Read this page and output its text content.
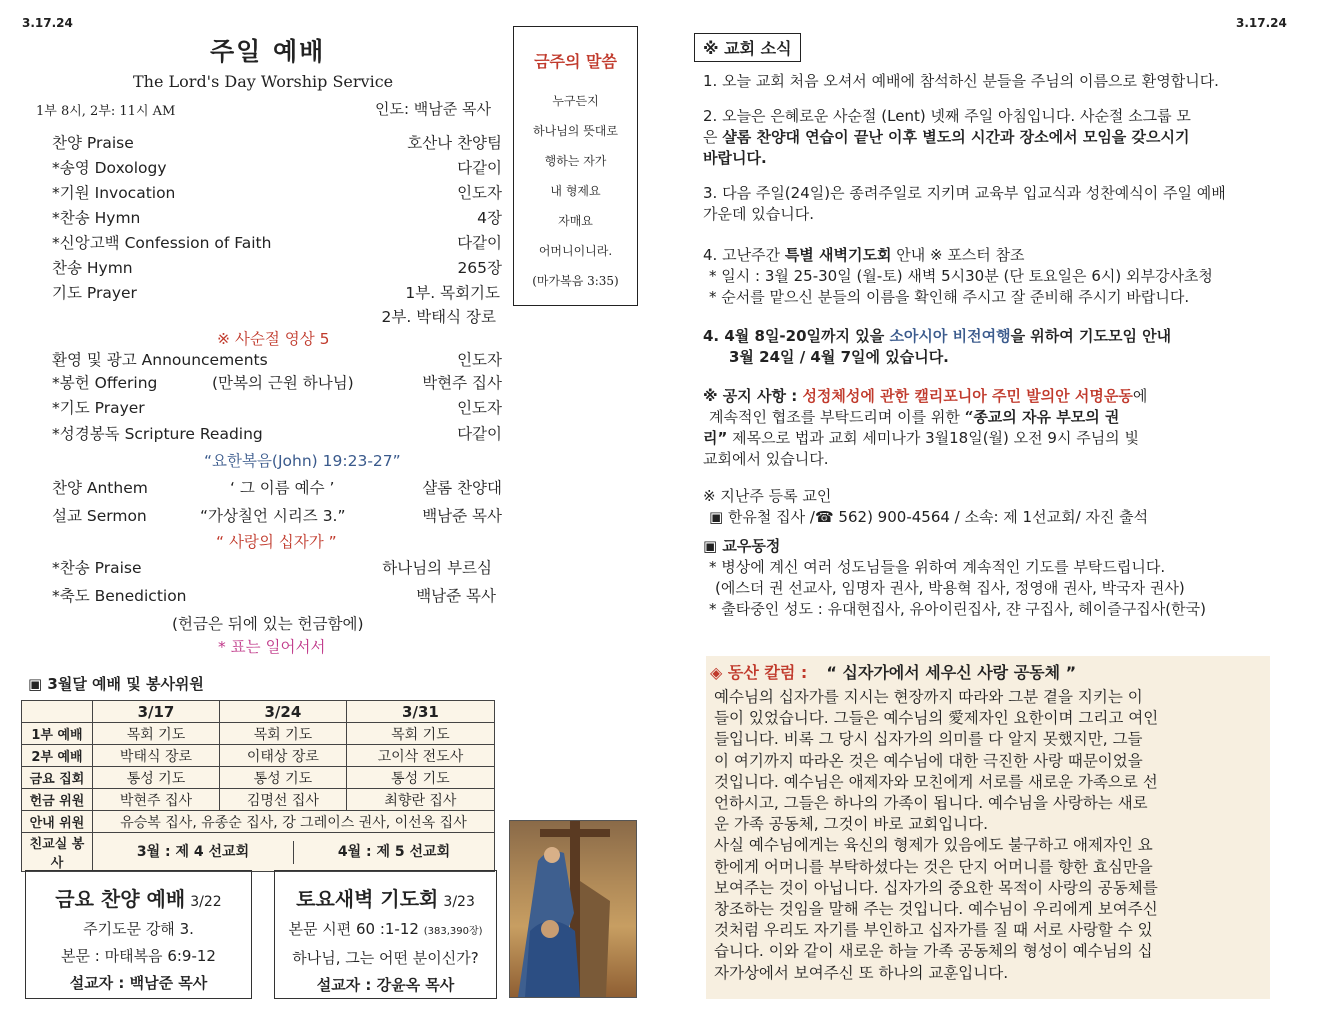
3.17.24
주일 예배
The Lord's Day Worship Service
1부 8시, 2부: 11시 AM	인도: 백남준 목사
찬양 Praise	호산나 찬양팀
*송영 Doxology	다같이
*기원 Invocation	인도자
*찬송 Hymn	4장
*신앙고백 Confession of Faith	다같이
찬송 Hymn	265장
기도 Prayer	1부. 목회기도
2부. 박태식 장로
※ 사순절 영상 5
환영 및 광고 Announcements	인도자
*봉헌 Offering	(만복의 근원 하나님)	박현주 집사
*기도 Prayer	인도자
*성경봉독 Scripture Reading	다같이
“요한복음(John) 19:23-27”
찬양 Anthem	‘ 그 이름 예수 ’	샬롬 찬양대
설교 Sermon	“가상칠언 시리즈 3.”	백남준 목사
“ 사랑의 십자가 ”
*찬송 Praise	하나님의 부르심
*축도 Benediction	백남준 목사
(헌금은 뒤에 있는 헌금함에)
* 표는 일어서서
금주의 말씀
누구든지
하나님의 뜻대로
행하는 자가
내 형제요
자매요
어머니이니라.
(마가복음 3:35)
▣ 3월달 예배 및 봉사위원
	3/17	3/24	3/31
1부 예배	목회 기도	목회 기도	목회 기도
2부 예배	박태식 장로	이태상 장로	고이삭 전도사
금요 집회	통성 기도	통성 기도	통성 기도
헌금 위원	박현주 집사	김명선 집사	최향란 집사
안내 위원	유승복 집사, 유종순 집사, 강 그레이스 권사, 이선옥 집사		
친교실 봉사	3월 : 제 4 선교회 4월 : 제 5 선교회		
금요 찬양 예배 3/22
주기도문 강해 3.
본문 : 마태복음 6:9-12
설교자 : 백남준 목사
토요새벽 기도회 3/23
본문 시편 60 :1-12 (383,390장)
하나님, 그는 어떤 분이신가?
설교자 : 강윤옥 목사
3.17.24
※ 교회 소식

1. 오늘 교회 처음 오셔서 예배에 참석하신 분들을 주님의 이름으로 환영합니다.

2. 오늘은 은혜로운 사순절 (Lent) 넷째 주일 아침입니다. 사순절 소그룹 모

은 샬롬 찬양대 연습이 끝난 이후 별도의 시간과 장소에서 모임을 갖으시기

바랍니다.

3. 다음 주일(24일)은 종려주일로 지키며 교육부 입교식과 성찬예식이 주일 예배

가운데 있습니다.

4. 고난주간 특별 새벽기도회 안내 ※ 포스터 참조

* 일시 : 3월 25-30일 (월-토) 새벽 5시30분 (단 토요일은 6시) 외부강사초청

* 순서를 맡으신 분들의 이름을 확인해 주시고 잘 준비해 주시기 바랍니다.

4. 4월 8일-20일까지 있을 소아시아 비전여행을 위하여 기도모임 안내

3월 24일 / 4월 7일에 있습니다.

※ 공지 사항 : 성정체성에 관한 캘리포니아 주민 발의안 서명운동에

계속적인 협조를 부탁드리며 이를 위한 “종교의 자유 부모의 권

리” 제목으로 법과 교회 세미나가 3월18일(월) 오전 9시 주님의 빛

교회에서 있습니다.

※ 지난주 등록 교인

▣ 한유철 집사 /☎ 562) 900-4564 / 소속: 제 1선교회/ 자진 출석

▣ 교우동정

* 병상에 계신 여러 성도님들을 위하여 계속적인 기도를 부탁드립니다.

(에스더 권 선교사, 임명자 권사, 박용혁 집사, 정영애 권사, 박국자 권사)

* 출타중인 성도 : 유대현집사, 유아이린집사, 쟌 구집사, 헤이즐구집사(한국)

◈ 동산 칼럼 : “ 십자가에서 세우신 사랑 공동체 ”
예수님의 십자가를 지시는 현장까지 따라와 그분 곁을 지키는 이
들이 있었습니다. 그들은 예수님의 愛제자인 요한이며 그리고 여인
들입니다. 비록 그 당시 십자가의 의미를 다 알지 못했지만, 그들
이 여기까지 따라온 것은 예수님에 대한 극진한 사랑 때문이었을
것입니다. 예수님은 애제자와 모친에게 서로를 새로운 가족으로 선
언하시고, 그들은 하나의 가족이 됩니다. 예수님을 사랑하는 새로
운 가족 공동체, 그것이 바로 교회입니다.
사실 예수님에게는 육신의 형제가 있음에도 불구하고 애제자인 요
한에게 어머니를 부탁하셨다는 것은 단지 어머니를 향한 효심만을
보여주는 것이 아닙니다. 십자가의 중요한 목적이 사랑의 공동체를
창조하는 것임을 말해 주는 것입니다. 예수님이 우리에게 보여주신
것처럼 우리도 자기를 부인하고 십자가를 질 때 서로 사랑할 수 있
습니다. 이와 같이 새로운 하늘 가족 공동체의 형성이 예수님의 십
자가상에서 보여주신 또 하나의 교훈입니다.
